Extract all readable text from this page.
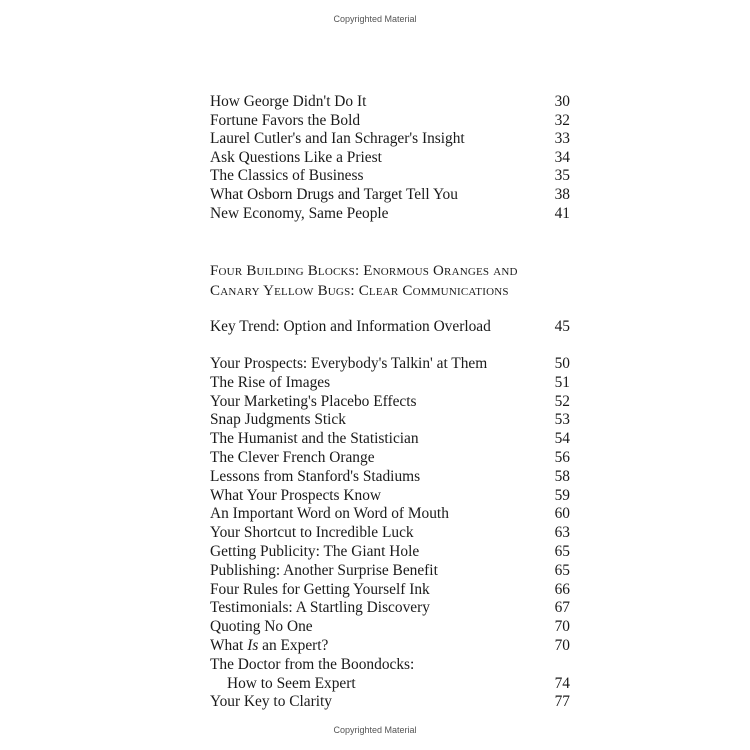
Copyrighted Material
How George Didn't Do It	30
Fortune Favors the Bold	32
Laurel Cutler's and Ian Schrager's Insight	33
Ask Questions Like a Priest	34
The Classics of Business	35
What Osborn Drugs and Target Tell You	38
New Economy, Same People	41
Four Building Blocks: Enormous Oranges and
Canary Yellow Bugs: Clear Communications
Key Trend: Option and Information Overload	45
Your Prospects: Everybody's Talkin' at Them	50
The Rise of Images	51
Your Marketing's Placebo Effects	52
Snap Judgments Stick	53
The Humanist and the Statistician	54
The Clever French Orange	56
Lessons from Stanford's Stadiums	58
What Your Prospects Know	59
An Important Word on Word of Mouth	60
Your Shortcut to Incredible Luck	63
Getting Publicity: The Giant Hole	65
Publishing: Another Surprise Benefit	65
Four Rules for Getting Yourself Ink	66
Testimonials: A Startling Discovery	67
Quoting No One	70
What Is an Expert?	70
The Doctor from the Boondocks:
How to Seem Expert	74
Your Key to Clarity	77
Copyrighted Material
